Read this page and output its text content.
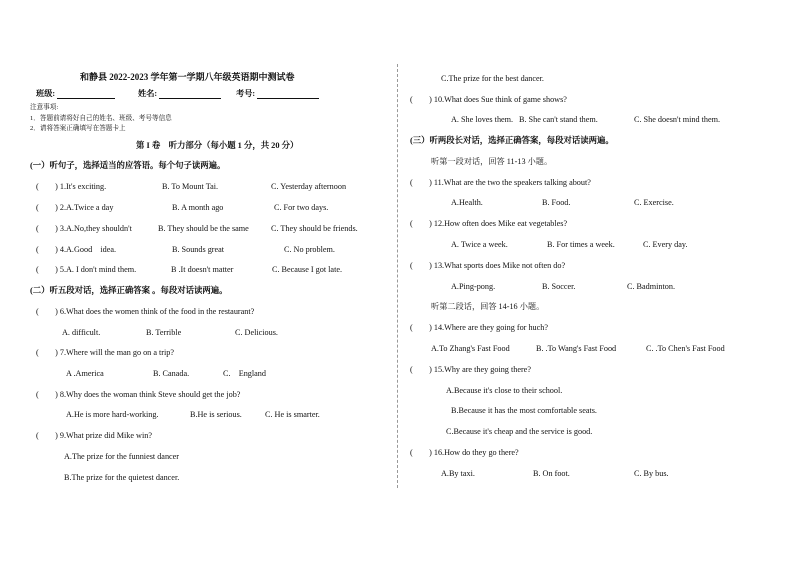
和静县 2022-2023 学年第一学期八年级英语期中测试卷
班级:	姓名:	考号:
注意事项:
1．答题前请将好自己的姓名、班级、考号等信息
2．请将答案正确填写在答题卡上
第 I 卷　听力部分（每小题 1 分，共 20 分）
(一）听句子，选择适当的应答语。每个句子读两遍。
(　　) 1.It's exciting.	B. To Mount Tai.	C. Yesterday afternoon
(　　) 2.A.Twice a day	B. A month ago	C. For two days.
(　　) 3.A.No,they shouldn't	B. They should be the same	C. They should be friends.
(　　) 4.A.Good　idea.	B. Sounds great	C. No problem.
(　　) 5.A. I don't mind them.	B .It doesn't matter	C. Because I got late.
(二）听五段对话，选择正确答案 。每段对话读两遍。
(　　) 6.What does the women think of the food in the restaurant?
A. difficult.	B. Terrible	C. Delicious.
(　　) 7.Where will the man go on a trip?
A .America	B. Canada.	C.　England
(　　) 8.Why does the woman think Steve should get the job?
A.He is more hard-working.	B.He is serious.	C. He is smarter.
(　　) 9.What prize did Mike win?
A.The prize for the funniest dancer
B.The prize for the quietest dancer.
C.The prize for the best dancer.
(　　) 10.What does Sue think of game shows?
A. She loves them. B. She can't stand them.	C. She doesn't mind them.
(三）听两段长对话，选择正确答案，每段对话读两遍。
听第一段对话，回答 11-13 小题。
(　　) 11.What are the two the speakers talking about?
A.Health.	B. Food.	C. Exercise.
(　　) 12.How often does Mike eat vegetables?
A. Twice a week.	B. For times a week.	C. Every day.
(　　) 13.What sports does Mike not often do?
A.Ping-pong.	B. Soccer.	C. Badminton.
听第二段话，回答 14-16 小题。
(　　) 14.Where are they going for huch?
A.To Zhang's Fast Food	B. .To Wang's Fast Food	C. .To Chen's Fast Food
(　　) 15.Why are they going there?
A.Because it's close to their school.
B.Because it has the most comfortable seats.
C.Because it's cheap and the service is good.
(　　) 16.How do they go there?
A.By taxi.	B. On foot.	C. By bus.
